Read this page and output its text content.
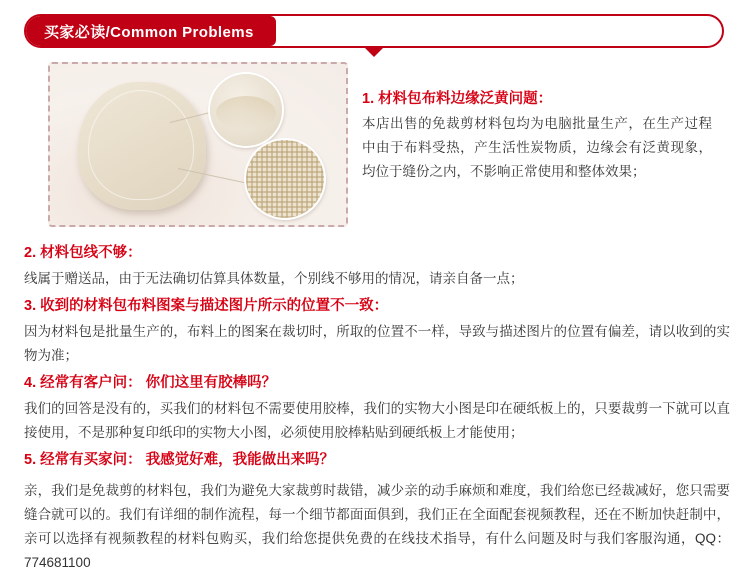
买家必读/Common Problems

1. 材料包布料边缘泛黄问题：

本店出售的免裁剪材料包均为电脑批量生产，在生产过程中由于布料受热，产生活性炭物质，边缘会有泛黄现象，均位于缝份之内，不影响正常使用和整体效果；

2. 材料包线不够：

线属于赠送品，由于无法确切估算具体数量，个别线不够用的情况，请亲自备一点；

3. 收到的材料包布料图案与描述图片所示的位置不一致：

因为材料包是批量生产的，布料上的图案在裁切时，所取的位置不一样，导致与描述图片的位置有偏差，请以收到的实物为准；

4. 经常有客户问： 你们这里有胶棒吗？

我们的回答是没有的，买我们的材料包不需要使用胶棒，我们的实物大小图是印在硬纸板上的，只要裁剪一下就可以直接使用，不是那种复印纸印的实物大小图，必须使用胶棒粘贴到硬纸板上才能使用；

5. 经常有买家问： 我感觉好难，我能做出来吗？

亲，我们是免裁剪的材料包，我们为避免大家裁剪时裁错，减少亲的动手麻烦和难度，我们给您已经裁减好，您只需要缝合就可以的。我们有详细的制作流程，每一个细节都面面俱到，我们正在全面配套视频教程，还在不断加快赶制中，亲可以选择有视频教程的材料包购买，我们给您提供免费的在线技术指导，有什么问题及时与我们客服沟通，QQ：774681100
